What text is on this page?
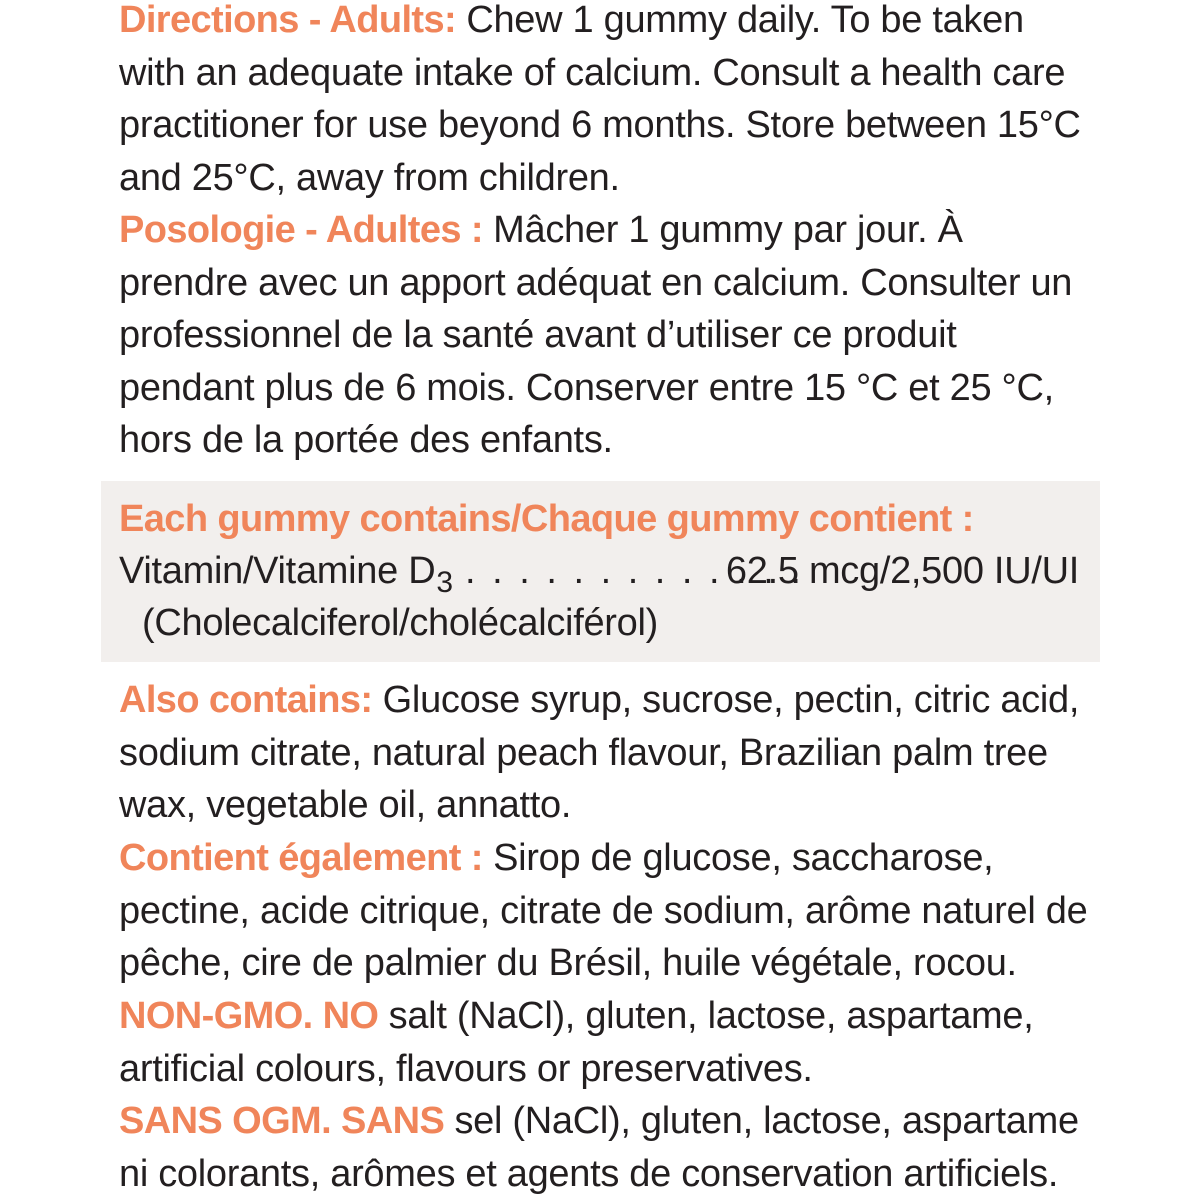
Directions - Adults: Chew 1 gummy daily. To be taken with an adequate intake of calcium. Consult a health care practitioner for use beyond 6 months. Store between 15°C and 25°C, away from children.

Posologie - Adultes : Mâcher 1 gummy par jour. À prendre avec un apport adéquat en calcium. Consulter un professionnel de la santé avant d’utiliser ce produit pendant plus de 6 mois. Conserver entre 15 °C et 25 °C, hors de la portée des enfants.

Each gummy contains/Chaque gummy contient :
Vitamin/Vitamine $D_3$ . . . . . . . . . . . . .
62.5 mcg/2,500 IU/UI
(Cholecalciferol/cholécalciférol)

Also contains: Glucose syrup, sucrose, pectin, citric acid, sodium citrate, natural peach flavour, Brazilian palm tree wax, vegetable oil, annatto.

Contient également : Sirop de glucose, saccharose, pectine, acide citrique, citrate de sodium, arôme naturel de pêche, cire de palmier du Brésil, huile végétale, rocou.

NON-GMO. NO salt (NaCl), gluten, lactose, aspartame, artificial colours, flavours or preservatives.

SANS OGM. SANS sel (NaCl), gluten, lactose, aspartame ni colorants, arômes et agents de conservation artificiels.
